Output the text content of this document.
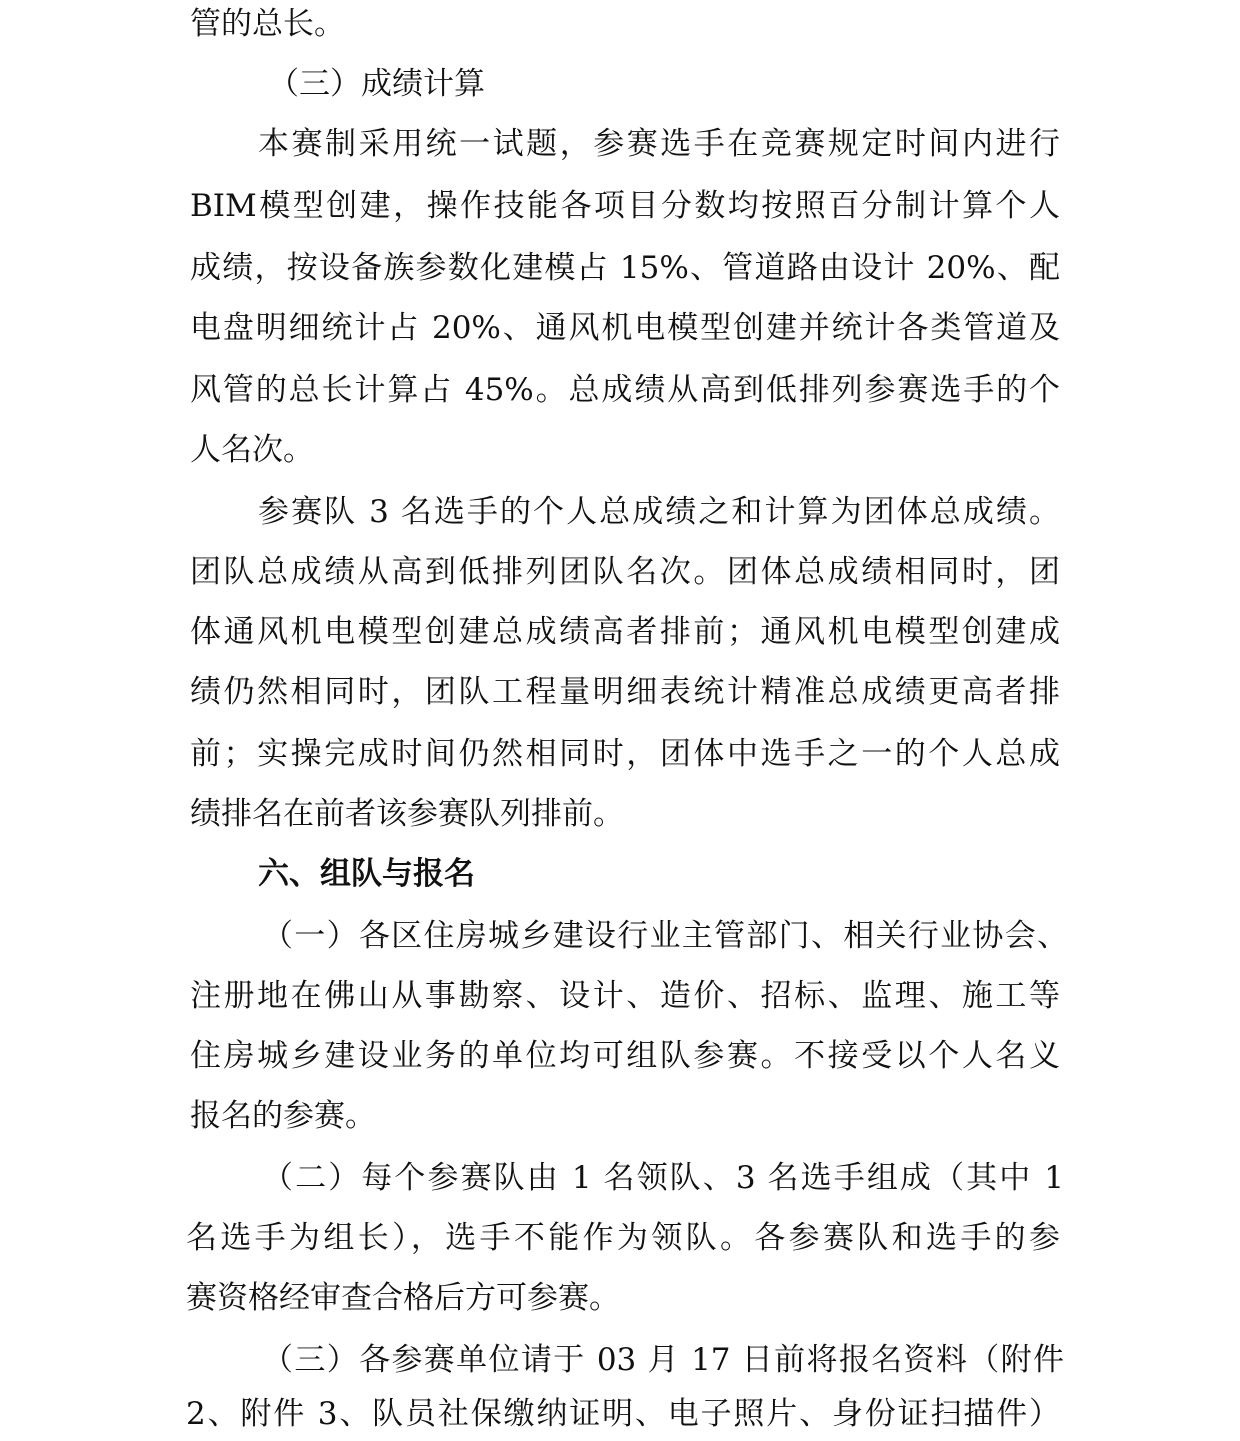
管的总长。
（三）成绩计算
本赛制采用统一试题，参赛选手在竞赛规定时间内进行
BIM模型创建，操作技能各项目分数均按照百分制计算个人
成绩，按设备族参数化建模占 15%、管道路由设计 20%、配
电盘明细统计占 20%、通风机电模型创建并统计各类管道及
风管的总长计算占 45%。总成绩从高到低排列参赛选手的个
人名次。
参赛队 3 名选手的个人总成绩之和计算为团体总成绩。
团队总成绩从高到低排列团队名次。团体总成绩相同时，团
体通风机电模型创建总成绩高者排前；通风机电模型创建成
绩仍然相同时，团队工程量明细表统计精准总成绩更高者排
前；实操完成时间仍然相同时，团体中选手之一的个人总成
绩排名在前者该参赛队列排前。
六、组队与报名
（一）各区住房城乡建设行业主管部门、相关行业协会、
注册地在佛山从事勘察、设计、造价、招标、监理、施工等
住房城乡建设业务的单位均可组队参赛。不接受以个人名义
报名的参赛。
（二）每个参赛队由 1 名领队、3 名选手组成（其中 1
名选手为组长），选手不能作为领队。各参赛队和选手的参
赛资格经审查合格后方可参赛。
（三）各参赛单位请于 03 月 17 日前将报名资料（附件
2、附件 3、队员社保缴纳证明、电子照片、身份证扫描件）
